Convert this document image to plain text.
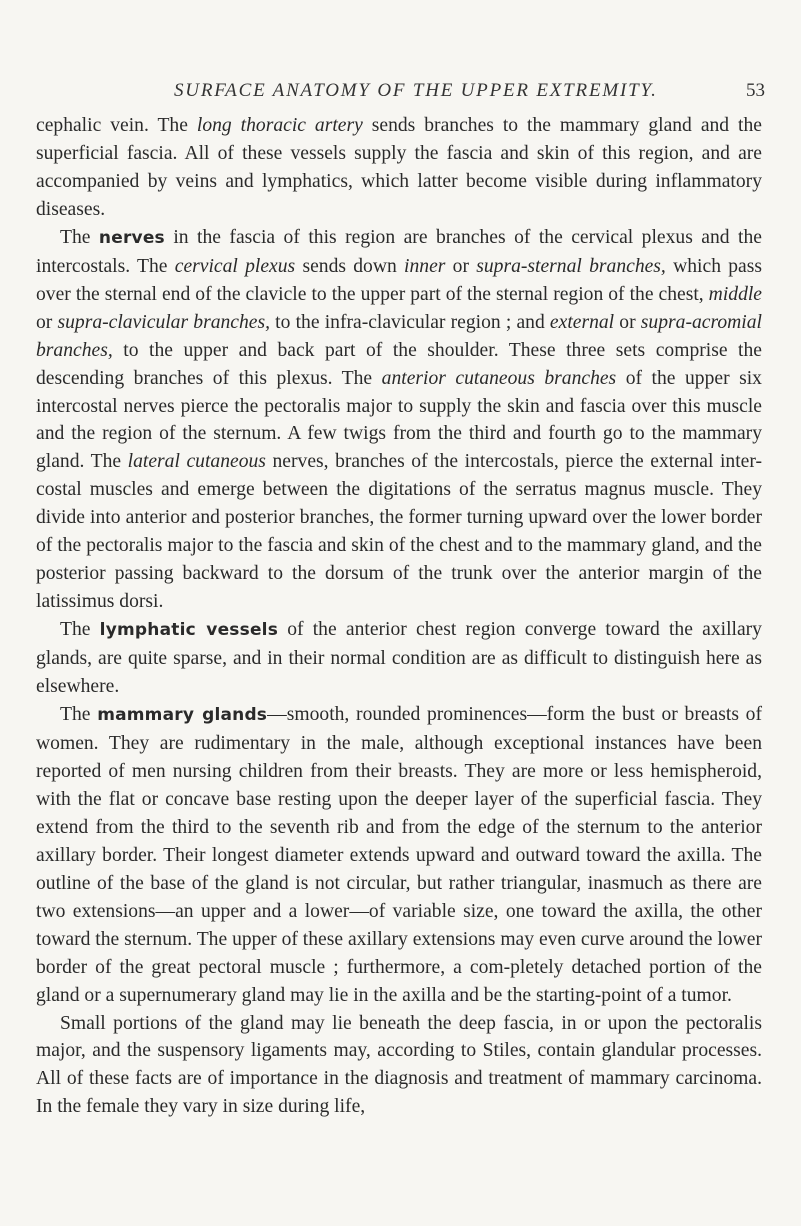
SURFACE ANATOMY OF THE UPPER EXTREMITY.	53

cephalic vein. The long thoracic artery sends branches to the mammary gland and the superficial fascia. All of these vessels supply the fascia and skin of this region, and are accompanied by veins and lymphatics, which latter become visible during inflammatory diseases.

The nerves in the fascia of this region are branches of the cervical plexus and the intercostals. The cervical plexus sends down inner or supra-sternal branches, which pass over the sternal end of the clavicle to the upper part of the sternal region of the chest, middle or supra-clavicular branches, to the infra-clavicular region ; and external or supra-acromial branches, to the upper and back part of the shoulder. These three sets comprise the descending branches of this plexus. The anterior cutaneous branches of the upper six intercostal nerves pierce the pectoralis major to supply the skin and fascia over this muscle and the region of the sternum. A few twigs from the third and fourth go to the mammary gland. The lateral cutaneous nerves, branches of the intercostals, pierce the external inter-costal muscles and emerge between the digitations of the serratus magnus muscle. They divide into anterior and posterior branches, the former turning upward over the lower border of the pectoralis major to the fascia and skin of the chest and to the mammary gland, and the posterior passing backward to the dorsum of the trunk over the anterior margin of the latissimus dorsi.

The lymphatic vessels of the anterior chest region converge toward the axillary glands, are quite sparse, and in their normal condition are as difficult to distinguish here as elsewhere.

The mammary glands—smooth, rounded prominences—form the bust or breasts of women. They are rudimentary in the male, although exceptional instances have been reported of men nursing children from their breasts. They are more or less hemispheroid, with the flat or concave base resting upon the deeper layer of the superficial fascia. They extend from the third to the seventh rib and from the edge of the sternum to the anterior axillary border. Their longest diameter extends upward and outward toward the axilla. The outline of the base of the gland is not circular, but rather triangular, inasmuch as there are two extensions—an upper and a lower—of variable size, one toward the axilla, the other toward the sternum. The upper of these axillary extensions may even curve around the lower border of the great pectoral muscle ; furthermore, a com-pletely detached portion of the gland or a supernumerary gland may lie in the axilla and be the starting-point of a tumor.

Small portions of the gland may lie beneath the deep fascia, in or upon the pectoralis major, and the suspensory ligaments may, according to Stiles, contain glandular processes. All of these facts are of importance in the diagnosis and treatment of mammary carcinoma. In the female they vary in size during life,
